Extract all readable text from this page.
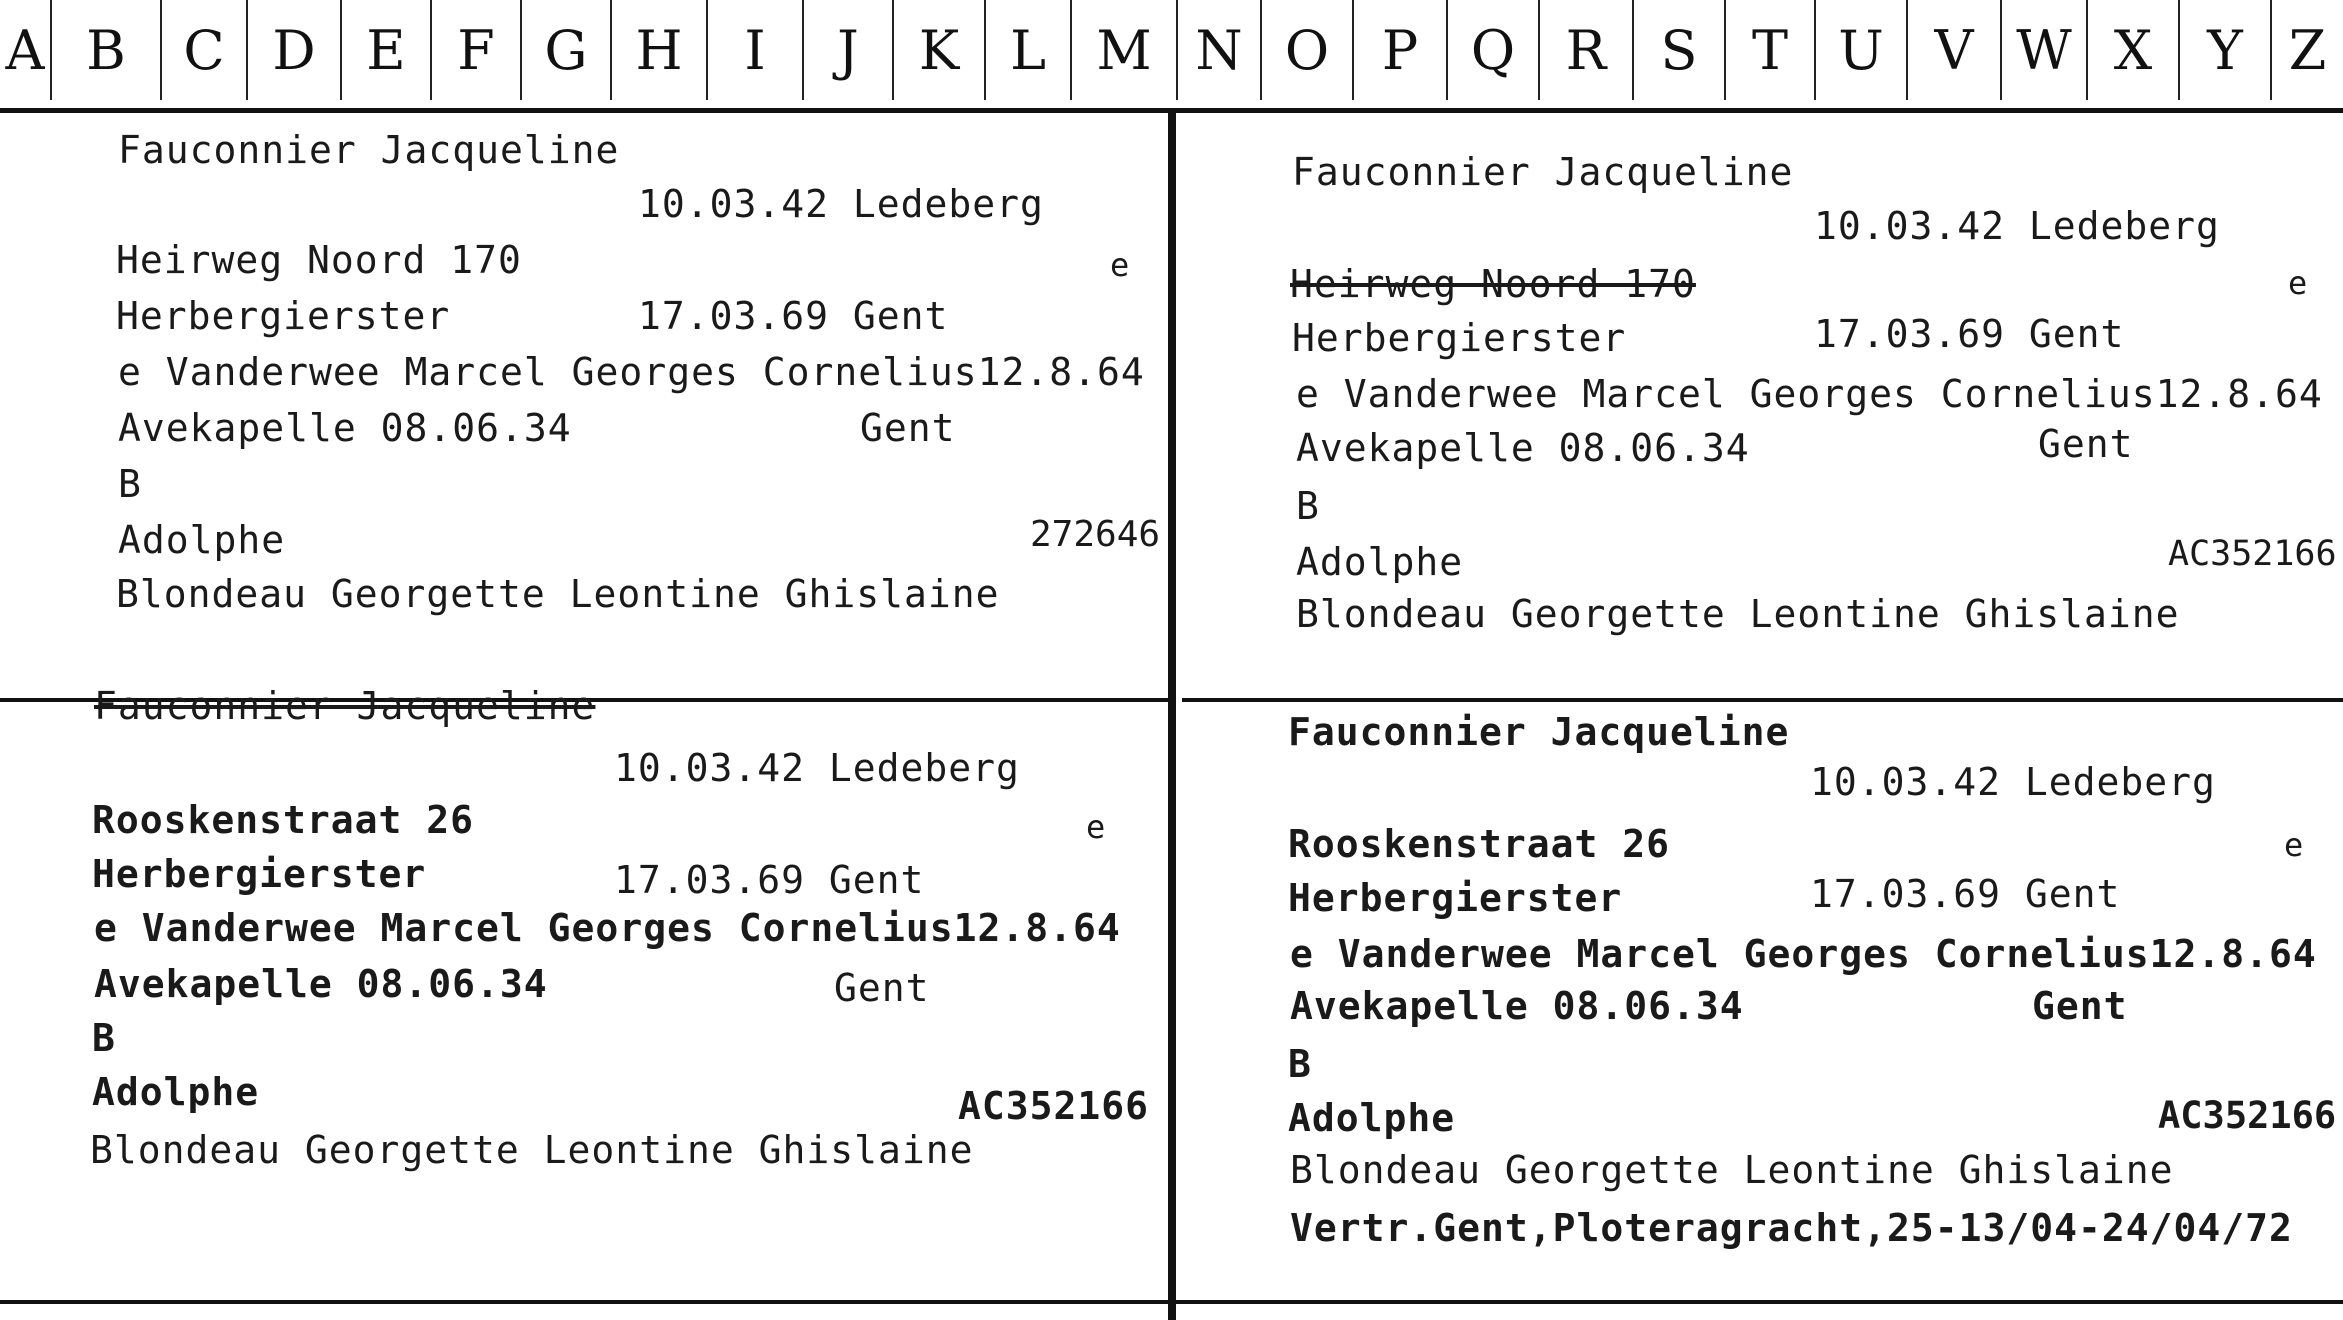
A B	C D E F G H	I	J	K L M N O P Q R	S	T U V W X	Y Z
Fauconnier Jacqueline
10.03.42 Ledeberg
Heirweg Noord 170	e
Herbergierster	17.03.69 Gent
e Vanderwee Marcel Georges Cornelius12.8.64
Avekapelle 08.06.34	Gent
B
Adolphe	272646
Blondeau Georgette Leontine Ghislaine
Fauconnier Jacqueline
10.03.42 Ledeberg
Heirweg Noord 170	e
Herbergierster	17.03.69 Gent
e Vanderwee Marcel Georges Cornelius12.8.64
Avekapelle 08.06.34	Gent
B
Adolphe	AC352166
Blondeau Georgette Leontine Ghislaine
Fauconnier Jacqueline
10.03.42 Ledeberg
Rooskenstraat 26	e
Herbergierster	17.03.69 Gent
e Vanderwee Marcel Georges Cornelius12.8.64
Avekapelle 08.06.34	Gent
B
Adolphe	AC352166
Blondeau Georgette Leontine Ghislaine
Fauconnier Jacqueline
10.03.42 Ledeberg
Rooskenstraat 26	e
Herbergierster	17.03.69 Gent
e Vanderwee Marcel Georges Cornelius12.8.64
Avekapelle 08.06.34	Gent
B
Adolphe	AC352166
Blondeau Georgette Leontine Ghislaine
Vertr.Gent,Ploteragracht,25-13/04-24/04/72
